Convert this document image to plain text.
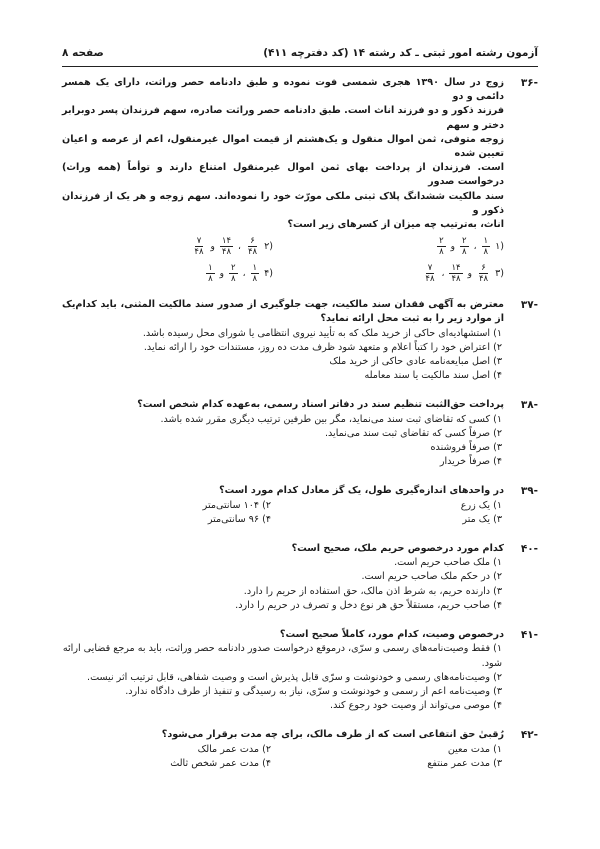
آزمون رشته امور ثبتی ـ کد رشته ۱۴ (کد دفترچه ۴۱۱)
صفحه ۸
-۳۶
زوج در سال ۱۳۹۰ هجری شمسی فوت نموده و طبق دادنامه حصر وراثت، دارای یک همسر دائمی و دو
فرزند ذکور و دو فرزند اناث است. طبق دادنامه حصر وراثت صادره، سهم فرزندان پسر دوبرابر دختر و سهم
زوجه متوفی، ثمن اموال منقول و یک‌هشتم از قیمت اموال غیرمنقول، اعم از عرصه و اعیان تعیین شده
است. فرزندان از پرداخت بهای ثمن اموال غیرمنقول امتناع دارند و توأماً (همه وراث) درخواست صدور
سند مالکیت ششدانگ پلاک ثبتی ملکی مورّث خود را نموده‌اند. سهم زوجه و هر یک از فرزندان ذکور و
اناث، به‌ترتیب چه میزان از کسرهای زیر است؟
(۱
۱
۸
،
۲
۸
و
۲
۸
(۲
۶
۴۸
،
۱۴
۴۸
و
۷
۴۸
(۳
۶
۴۸
و
۱۴
۴۸
،
۷
۴۸
(۴
۱
۸
،
۲
۸
و
۱
۸
-۳۷
معترض به آگهی فقدان سند مالکیت، جهت جلوگیری از صدور سند مالکیت المثنی، باید کدام‌یک از موارد زیر را به ثبت محل ارائه نماید؟
۱) استشهادیه‌ای حاکی از خرید ملک که به تأیید نیروی انتظامی یا شورای محل رسیده باشد.
۲) اعتراض خود را کتباً اعلام و متعهد شود ظرف مدت ده روز، مستندات خود را ارائه نماید.
۳) اصل مبایعه‌نامه عادی حاکی از خرید ملک
۴) اصل سند مالکیت یا سند معامله
-۳۸
پرداخت حق‌الثبت تنظیم سند در دفاتر اسناد رسمی، به‌عهده کدام شخص است؟
۱) کسی که تقاضای ثبت سند می‌نماید، مگر بین طرفین ترتیب دیگری مقرر شده باشد.
۲) صرفاً کسی که تقاضای ثبت سند می‌نماید.
۳) صرفاً فروشنده
۴) صرفاً خریدار
-۳۹
در واحدهای اندازه‌گیری طول، یک گز معادل کدام مورد است؟
۱) یک زرع
۲) ۱۰۴ سانتی‌متر
۳) یک متر
۴) ۹۶ سانتی‌متر
-۴۰
کدام مورد درخصوص حریم ملک، صحیح است؟
۱) ملک صاحب حریم است.
۲) در حکم ملک صاحب حریم است.
۳) دارنده حریم، به شرط اذن مالک، حق استفاده از حریم را دارد.
۴) صاحب حریم، مستقلاً حق هر نوع دخل و تصرف در حریم را دارد.
-۴۱
درخصوص وصیت، کدام مورد، کاملاً صحیح است؟
۱) فقط وصیت‌نامه‌های رسمی و سرّی، درموقع درخواست صدور دادنامه حصر وراثت، باید به مرجع قضایی ارائه شود.
۲) وصیت‌نامه‌های رسمی و خودنوشت و سرّی قابل پذیرش است و وصیت شفاهی، قابل ترتیب اثر نیست.
۳) وصیت‌نامه اعم از رسمی و خودنوشت و سرّی، نیاز به رسیدگی و تنفیذ از طرف دادگاه ندارد.
۴) موصی می‌تواند از وصیت خود رجوع کند.
-۴۲
رُقبیٰ حق انتفاعی است که از طرف مالک، برای چه مدت برقرار می‌شود؟
۱) مدت معین
۲) مدت عمر مالک
۳) مدت عمر منتفع
۴) مدت عمر شخص ثالث
